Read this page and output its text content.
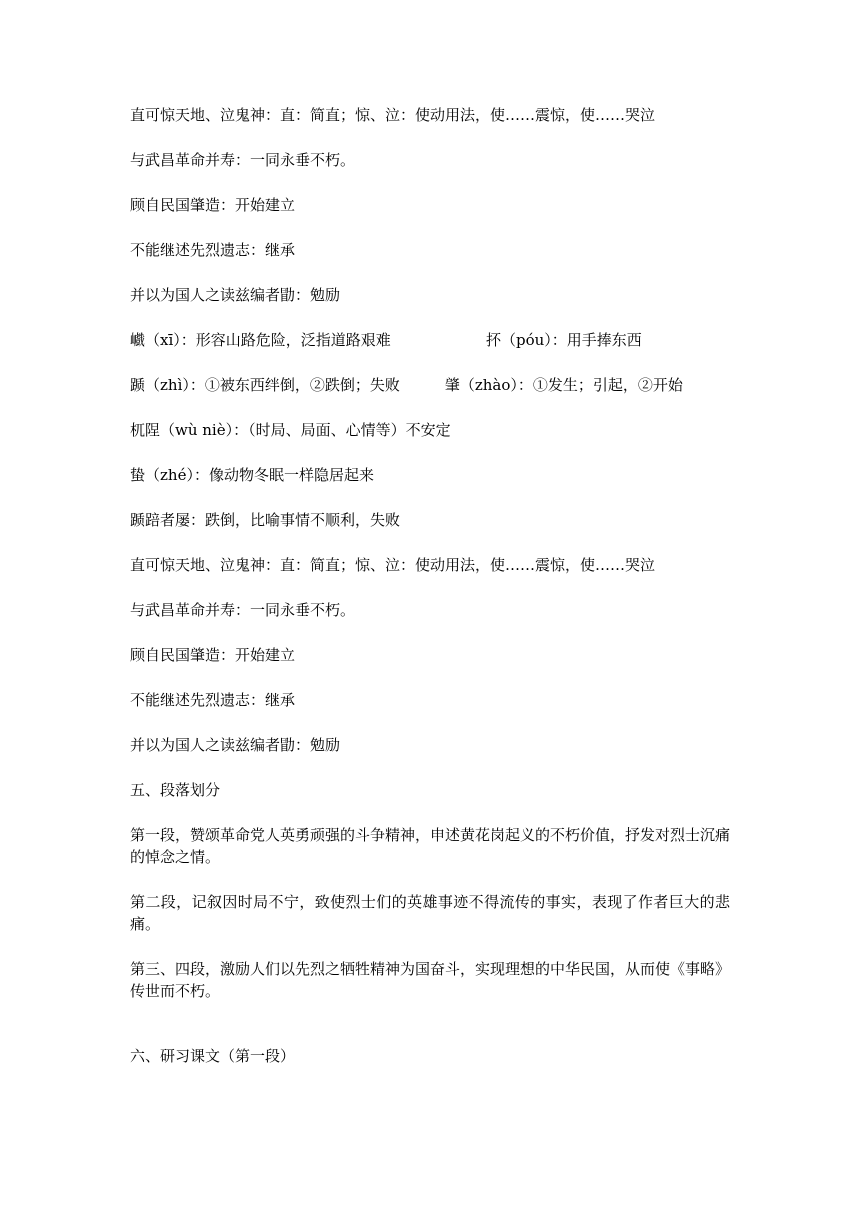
直可惊天地、泣鬼神：直：简直；惊、泣：使动用法，使……震惊，使……哭泣

与武昌革命并寿：一同永垂不朽。

顾自民国肇造：开始建立

不能继述先烈遗志：继承

并以为国人之读兹编者勖：勉励

巇（xī）：形容山路危险，泛指道路艰难	抔（póu）：用手捧东西

踬（zhì）：①被东西绊倒，②跌倒；失败　　　肇（zhào）：①发生；引起，②开始

杌陧（wù niè）：（时局、局面、心情等）不安定

蛰（zhé）：像动物冬眠一样隐居起来

踬踣者屡：跌倒，比喻事情不顺利，失败

直可惊天地、泣鬼神：直：简直；惊、泣：使动用法，使……震惊，使……哭泣

与武昌革命并寿：一同永垂不朽。

顾自民国肇造：开始建立

不能继述先烈遗志：继承

并以为国人之读兹编者勖：勉励

五、段落划分

第一段，赞颂革命党人英勇顽强的斗争精神，申述黄花岗起义的不朽价值，抒发对烈士沉痛的悼念之情。

第二段，记叙因时局不宁，致使烈士们的英雄事迹不得流传的事实，表现了作者巨大的悲痛。

第三、四段，激励人们以先烈之牺牲精神为国奋斗，实现理想的中华民国，从而使《事略》传世而不朽。

六、研习课文（第一段）
